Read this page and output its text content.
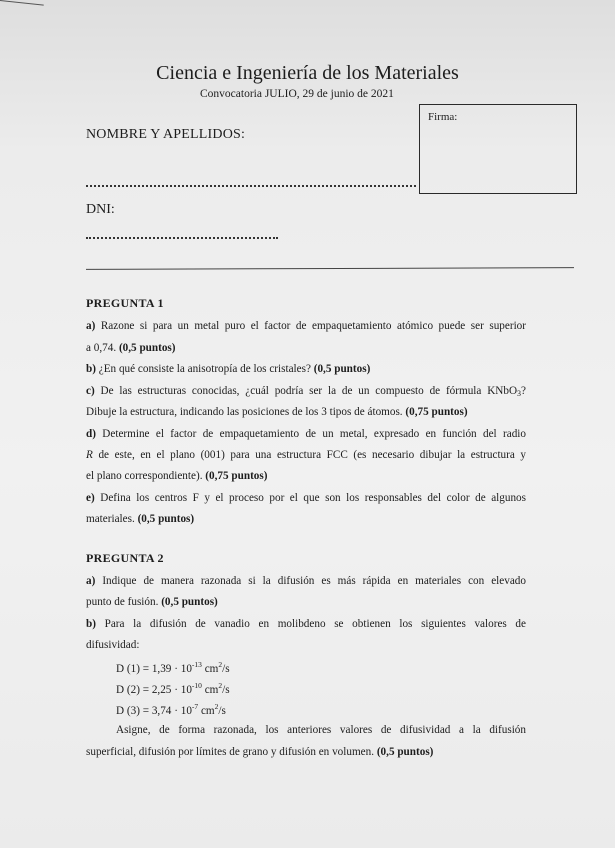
Ciencia e Ingeniería de los Materiales
Convocatoria JULIO, 29 de junio de 2021
Firma:
NOMBRE Y APELLIDOS:
DNI:
PREGUNTA 1
a) Razone si para un metal puro el factor de empaquetamiento atómico puede ser superior
a 0,74. (0,5 puntos)
b) ¿En qué consiste la anisotropía de los cristales? (0,5 puntos)
c) De las estructuras conocidas, ¿cuál podría ser la de un compuesto de fórmula KNbO$_3$?
Dibuje la estructura, indicando las posiciones de los 3 tipos de átomos. (0,75 puntos)
d) Determine el factor de empaquetamiento de un metal, expresado en función del radio
R de este, en el plano (001) para una estructura FCC (es necesario dibujar la estructura y
el plano correspondiente). (0,75 puntos)
e) Defina los centros F y el proceso por el que son los responsables del color de algunos
materiales. (0,5 puntos)
PREGUNTA 2
a) Indique de manera razonada si la difusión es más rápida en materiales con elevado
punto de fusión. (0,5 puntos)
b) Para la difusión de vanadio en molibdeno se obtienen los siguientes valores de
difusividad:
D $(1) = 1,39 \cdot 10^{-13}$ $cm^2/s$
D $(2) = 2,25 \cdot 10^{-10}$ $cm^2/s$
D $(3) = 3,74 \cdot 10^{-7}$ $cm^2/s$
Asigne, de forma razonada, los anteriores valores de difusividad a la difusión
superficial, difusión por límites de grano y difusión en volumen. (0,5 puntos)
